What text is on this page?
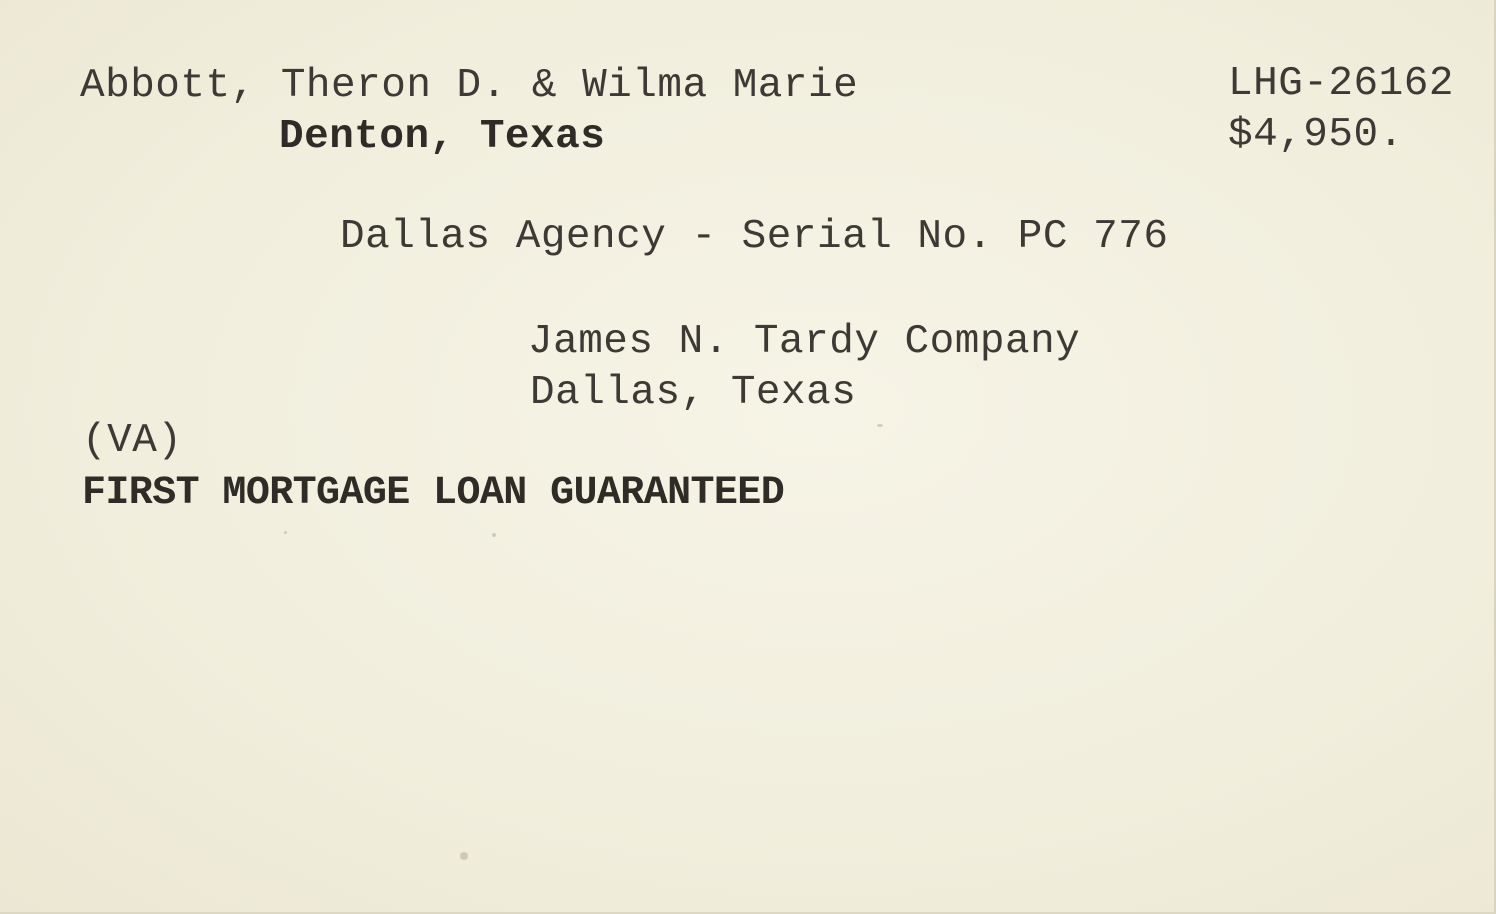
Abbott, Theron D. & Wilma Marie
Denton, Texas
LHG-26162
$4,950.
Dallas Agency - Serial No. PC 776
James N. Tardy Company
Dallas, Texas
(VA)
FIRST MORTGAGE LOAN GUARANTEED
